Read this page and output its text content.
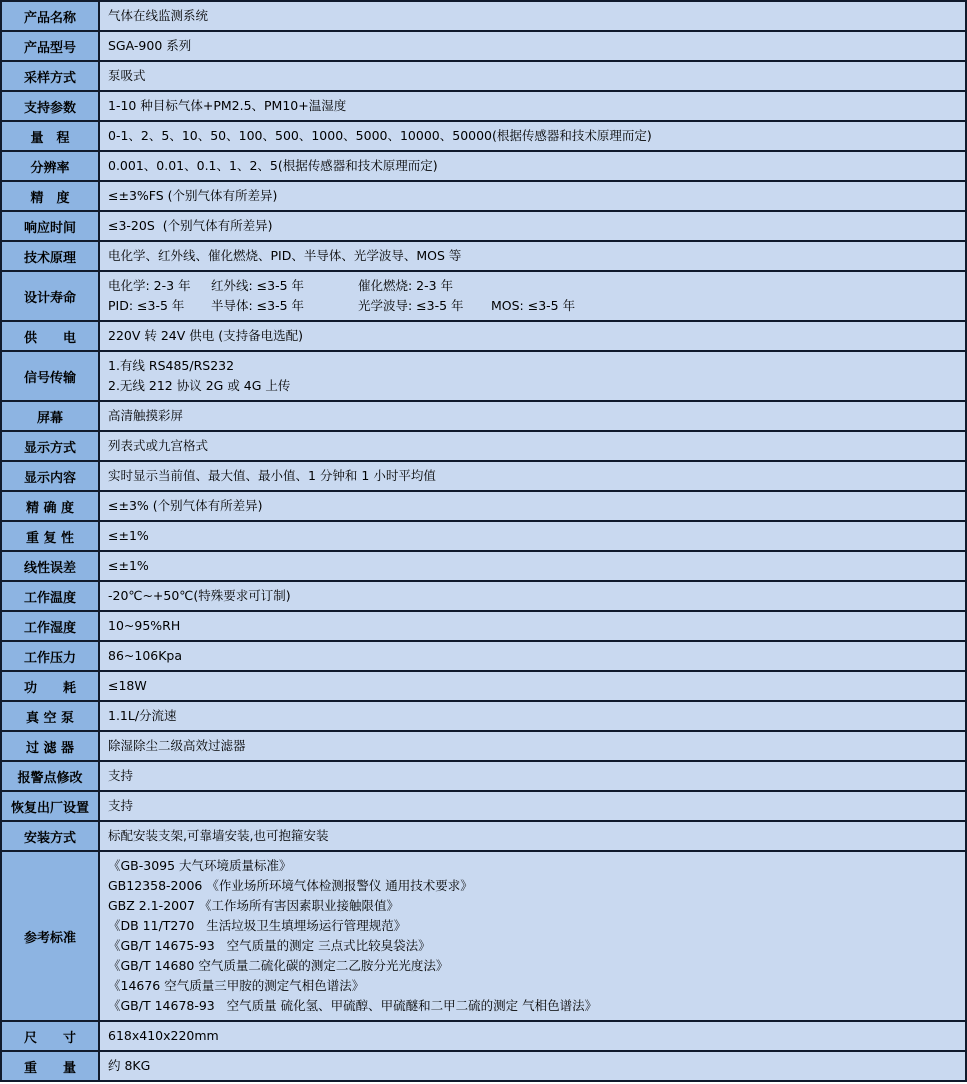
产品名称	气体在线监测系统

产品型号	SGA-900 系列

采样方式	泵吸式

支持参数	1-10 种目标气体+PM2.5、PM10+温湿度

量　程	0-1、2、5、10、50、100、500、1000、5000、10000、50000(根据传感器和技术原理而定)

分辨率	0.001、0.01、0.1、1、2、5(根据传感器和技术原理而定)

精　度	≤±3%FS (个别气体有所差异)

响应时间	≤3-20S  (个别气体有所差异)

技术原理	电化学、红外线、催化燃烧、PID、半导体、光学波导、MOS 等

设计寿命	电化学: 2-3 年 红外线: ≤3-5 年 催化燃烧: 2-3 年
PID: ≤3-5 年 半导体: ≤3-5 年 光学波导: ≤3-5 年 MOS: ≤3-5 年

供　　电	220V 转 24V 供电 (支持备电选配)

信号传输	1.有线 RS485/RS232
2.无线 212 协议 2G 或 4G 上传

屏幕	高清触摸彩屏

显示方式	列表式或九宫格式

显示内容	实时显示当前值、最大值、最小值、1 分钟和 1 小时平均值

精 确 度	≤±3% (个别气体有所差异)

重 复 性	≤±1%

线性误差	≤±1%

工作温度	-20℃~+50℃(特殊要求可订制)

工作湿度	10~95%RH

工作压力	86~106Kpa

功　　耗	≤18W

真 空 泵	1.1L/分流速

过 滤 器	除湿除尘二级高效过滤器

报警点修改	支持

恢复出厂设置	支持

安装方式	标配安装支架,可靠墙安装,也可抱箍安装

参考标准	
《GB-3095 大气环境质量标准》
GB12358-2006 《作业场所环境气体检测报警仪 通用技术要求》
GBZ 2.1-2007 《工作场所有害因素职业接触限值》
《DB 11/T270   生活垃圾卫生填埋场运行管理规范》
《GB/T 14675-93   空气质量的测定 三点式比较臭袋法》
《GB/T 14680 空气质量二硫化碳的测定二乙胺分光光度法》
《14676 空气质量三甲胺的测定气相色谱法》
《GB/T 14678-93   空气质量 硫化氢、甲硫醇、甲硫醚和二甲二硫的测定 气相色谱法》

尺　　寸	618x410x220mm

重　　量	约 8KG
